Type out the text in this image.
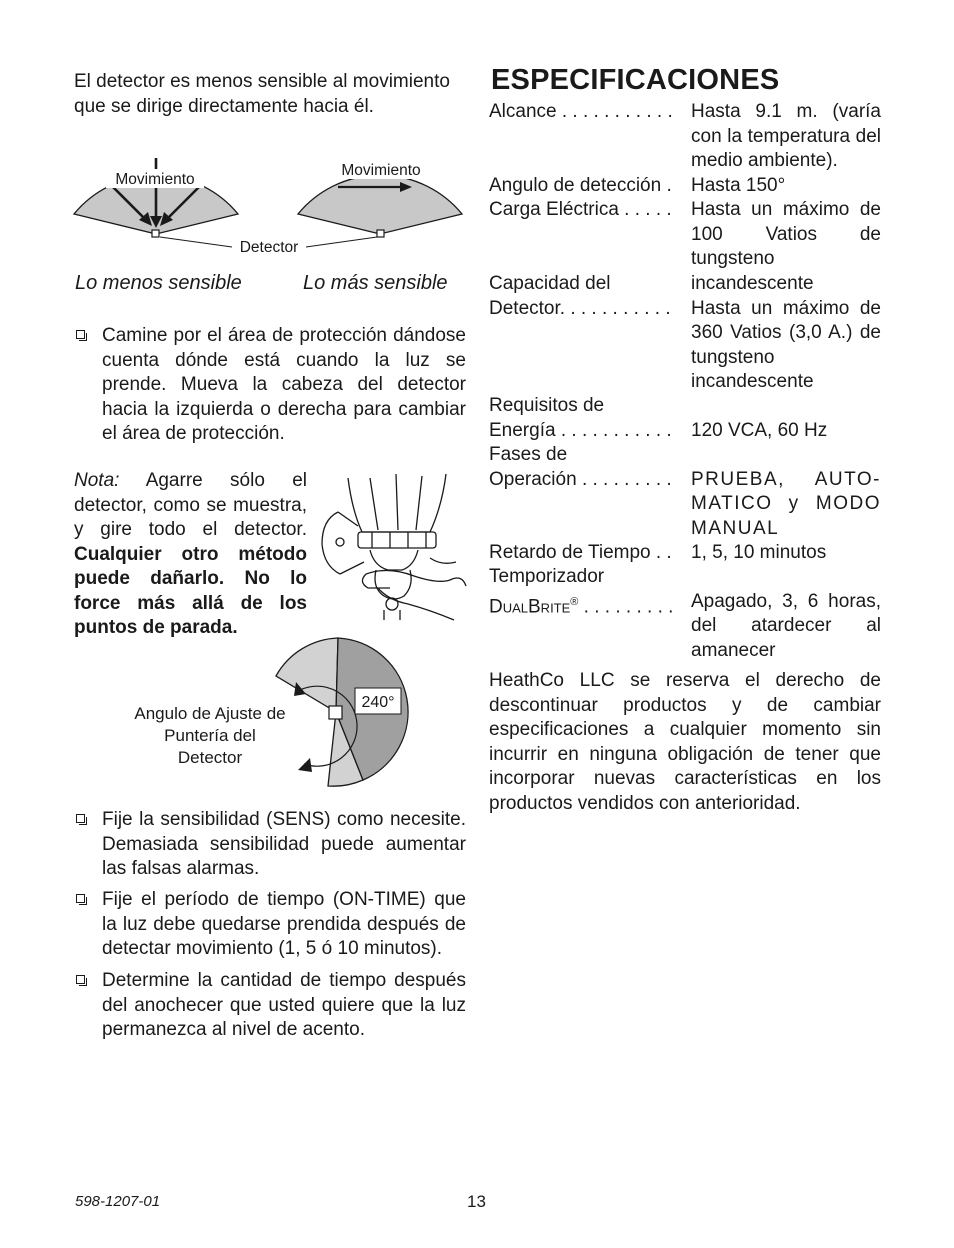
El detector es menos sensible al movimiento que se dirige directamente hacia él.
Movimiento
Movimiento
Detector
Lo menos sensible	Lo más sensible
Camine por el área de protección dándose cuenta dónde está cuando la luz se prende. Mueva la cabeza del detector hacia la izquierda o derecha para cambiar el área de protección.
Nota: Agarre sólo el detector, como se muestra, y gire todo el detector. Cualquier otro método puede dañarlo. No lo force más allá de los puntos de parada.
240°
Angulo de Ajuste de Puntería del Detector
Fije la sensibilidad (SENS) como necesite. Demasiada sensibilidad puede aumentar las falsas alarmas.
Fije el período de tiempo (ON-TIME) que la luz debe quedarse prendida después de detectar movimiento (1, 5 ó 10 minutos).
Determine la cantidad de tiempo después del anochecer que usted quiere que la luz permanezca al nivel de acento.
ESPECIFICACIONES
Alcance . . . . . . . . . . . Hasta 9.1 m. (varía con la temperatura del medio ambiente).
Angulo de detección . Hasta 150°
Carga Eléctrica . . . . . Hasta un máximo de 100 Vatios de tungsteno incandescente
Capacidad del
Detector. . . . . . . . . . . Hasta un máximo de 360 Vatios (3,0 A.) de tungsteno incandescente
Requisitos de
Energía . . . . . . . . . . . 120 VCA, 60 Hz
Fases de
Operación . . . . . . . . . PRUEBA, AUTO-MATICO y MODO MANUAL
Retardo de Tiempo . . 1, 5, 10 minutos
Temporizador
DualBrite® . . . . . . . . . Apagado, 3, 6 horas, del atardecer al amanecer
HeathCo LLC se reserva el derecho de descontinuar productos y de cambiar especificaciones a cualquier momento sin incurrir en ninguna obligación de tener que incorporar nuevas características en los productos vendidos con anterioridad.
598-1207-01	13
